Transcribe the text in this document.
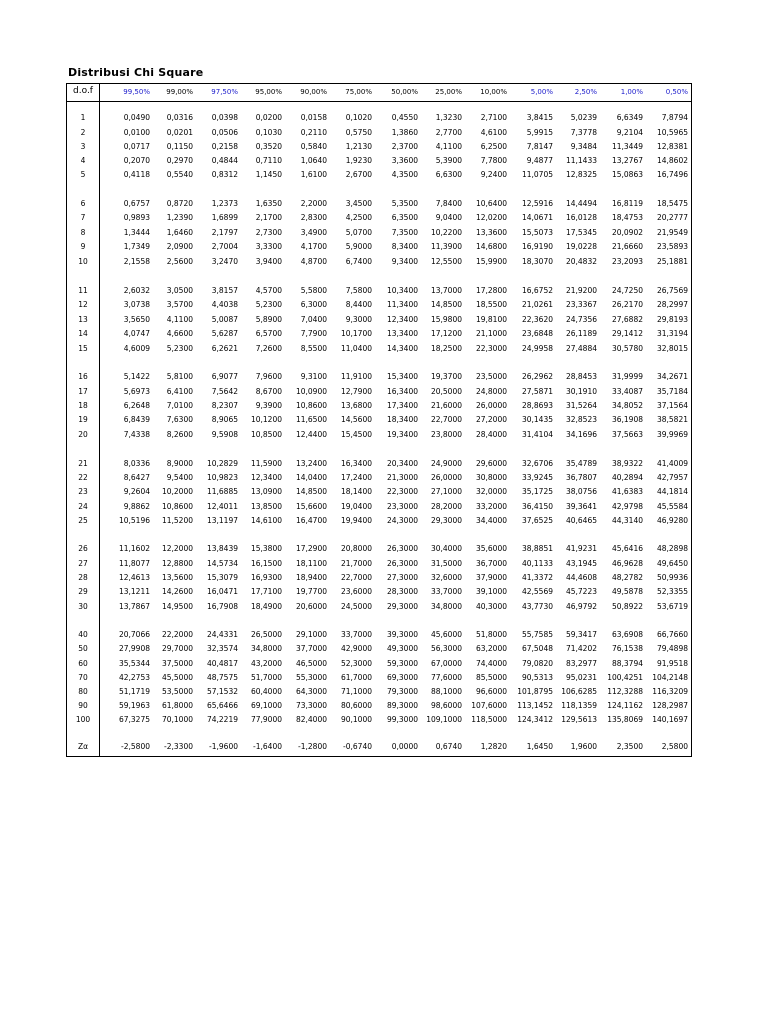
Distribusi Chi Square
d.o.f	99,50% 99,00%	97,50% 95,00%	90,00%	75,00%	50,00% 25,00%	10,00%	5,00%	2,50%	1,00%	0,50%
1	0,0490 0,0316	0,0398 0,0200	0,0158	0,1020	0,4550 1,3230	2,7100	3,8415 5,0239	6,6349	7,8794
2	0,0100 0,0201	0,0506 0,1030	0,2110	0,5750	1,3860 2,7700	4,6100	5,9915 7,3778	9,2104 10,5965
3	0,0717 0,1150	0,2158 0,3520	0,5840	1,2130	2,3700 4,1100	6,2500	7,8147 9,3484 11,3449 12,8381
4	0,2070 0,2970	0,4844 0,7110	1,0640	1,9230	3,3600 5,3900	7,7800	9,4877 11,1433 13,2767 14,8602
5	0,4118 0,5540	0,8312 1,1450	1,6100	2,6700	4,3500 6,6300	9,2400 11,0705 12,8325 15,0863 16,7496
6	0,6757 0,8720	1,2373 1,6350	2,2000	3,4500	5,3500 7,8400 10,6400 12,5916 14,4494 16,8119 18,5475
7	0,9893 1,2390	1,6899 2,1700	2,8300	4,2500	6,3500 9,0400 12,0200 14,0671 16,0128 18,4753 20,2777
8	1,3444 1,6460	2,1797 2,7300	3,4900	5,0700	7,3500 10,2200 13,3600 15,5073 17,5345 20,0902 21,9549
9	1,7349 2,0900	2,7004 3,3300	4,1700	5,9000	8,3400 11,3900 14,6800 16,9190 19,0228 21,6660 23,5893
10	2,1558 2,5600	3,2470 3,9400	4,8700	6,7400	9,3400 12,5500 15,9900 18,3070 20,4832 23,2093 25,1881
11	2,6032 3,0500	3,8157 4,5700	5,5800	7,5800 10,3400 13,7000 17,2800 16,6752 21,9200 24,7250 26,7569
12	3,0738 3,5700	4,4038 5,2300	6,3000	8,4400 11,3400 14,8500 18,5500 21,0261 23,3367 26,2170 28,2997
13	3,5650 4,1100	5,0087 5,8900	7,0400	9,3000 12,3400 15,9800 19,8100 22,3620 24,7356 27,6882 29,8193
14	4,0747 4,6600	5,6287 6,5700	7,7900 10,1700 13,3400 17,1200 21,1000 23,6848 26,1189 29,1412 31,3194
15	4,6009 5,2300	6,2621 7,2600	8,5500 11,0400 14,3400 18,2500 22,3000 24,9958 27,4884 30,5780 32,8015
16	5,1422 5,8100	6,9077 7,9600	9,3100 11,9100 15,3400 19,3700 23,5000 26,2962 28,8453 31,9999 34,2671
17	5,6973 6,4100	7,5642 8,6700 10,0900 12,7900 16,3400 20,5000 24,8000 27,5871 30,1910 33,4087 35,7184
18	6,2648 7,0100	8,2307 9,3900 10,8600 13,6800 17,3400 21,6000 26,0000 28,8693 31,5264 34,8052 37,1564
19	6,8439 7,6300	8,9065 10,1200 11,6500 14,5600 18,3400 22,7000 27,2000 30,1435 32,8523 36,1908 38,5821
20	7,4338 8,2600	9,5908 10,8500 12,4400 15,4500 19,3400 23,8000 28,4000 31,4104 34,1696 37,5663 39,9969
21	8,0336 8,9000 10,2829 11,5900 13,2400 16,3400 20,3400 24,9000 29,6000 32,6706 35,4789 38,9322 41,4009
22	8,6427 9,5400 10,9823 12,3400 14,0400 17,2400 21,3000 26,0000 30,8000 33,9245 36,7807 40,2894 42,7957
23	9,2604 10,2000 11,6885 13,0900 14,8500 18,1400 22,3000 27,1000 32,0000 35,1725 38,0756 41,6383 44,1814
24	9,8862 10,8600 12,4011 13,8500 15,6600 19,0400 23,3000 28,2000 33,2000 36,4150 39,3641 42,9798 45,5584
25	10,5196 11,5200 13,1197 14,6100 16,4700 19,9400 24,3000 29,3000 34,4000 37,6525 40,6465 44,3140 46,9280
26	11,1602 12,2000 13,8439 15,3800 17,2900 20,8000 26,3000 30,4000 35,6000 38,8851 41,9231 45,6416 48,2898
27	11,8077 12,8800 14,5734 16,1500 18,1100 21,7000 26,3000 31,5000 36,7000 40,1133 43,1945 46,9628 49,6450
28	12,4613 13,5600 15,3079 16,9300 18,9400 22,7000 27,3000 32,6000 37,9000 41,3372 44,4608 48,2782 50,9936
29	13,1211 14,2600 16,0471 17,7100 19,7700 23,6000 28,3000 33,7000 39,1000 42,5569 45,7223 49,5878 52,3355
30	13,7867 14,9500 16,7908 18,4900 20,6000 24,5000 29,3000 34,8000 40,3000 43,7730 46,9792 50,8922 53,6719
40	20,7066 22,2000 24,4331 26,5000 29,1000 33,7000 39,3000 45,6000 51,8000 55,7585 59,3417 63,6908 66,7660
50	27,9908 29,7000 32,3574 34,8000 37,7000 42,9000 49,3000 56,3000 63,2000 67,5048 71,4202 76,1538 79,4898
60	35,5344 37,5000 40,4817 43,2000 46,5000 52,3000 59,3000 67,0000 74,4000 79,0820 83,2977 88,3794 91,9518
70	42,2753 45,5000 48,7575 51,7000 55,3000 61,7000 69,3000 77,6000 85,5000 90,5313 95,0231 100,4251 104,2148
80	51,1719 53,5000 57,1532 60,4000 64,3000 71,1000 79,3000 88,1000 96,6000 101,8795 106,6285 112,3288 116,3209
90	59,1963 61,8000 65,6466 69,1000 73,3000 80,6000 89,3000 98,6000 107,6000 113,1452 118,1359 124,1162 128,2987
100	67,3275 70,1000 74,2219 77,9000 82,4000 90,1000 99,3000 109,1000 118,5000 124,3412 129,5613 135,8069 140,1697
Zα	-2,5800 -2,3300 -1,9600 -1,6400 -1,2800 -0,6740	0,0000 0,6740	1,2820	1,6450 1,9600	2,3500	2,5800
